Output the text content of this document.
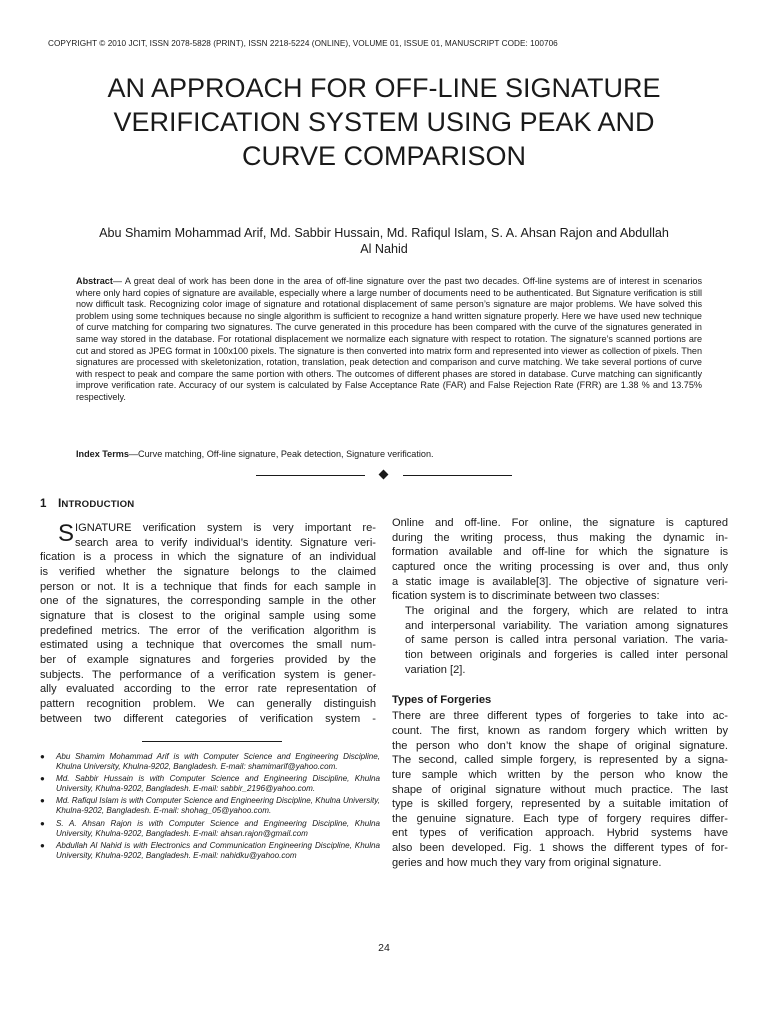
COPYRIGHT © 2010 JCIT, ISSN 2078-5828 (PRINT), ISSN 2218-5224 (ONLINE), VOLUME 01, ISSUE 01, MANUSCRIPT CODE: 100706
AN APPROACH FOR OFF-LINE SIGNATURE
VERIFICATION SYSTEM USING PEAK AND
CURVE COMPARISON
Abu Shamim Mohammad Arif, Md. Sabbir Hussain, Md. Rafiqul Islam, S. A. Ahsan Rajon and Abdullah
Al Nahid

Abstract— A great deal of work has been done in the area of off-line signature over the past two decades. Off-line systems are of interest in scenarios where only hard copies of signature are available, especially where a large number of documents need to be authenticated. But Signature verification is still now difficult task. Recognizing color image of signature and rotational displacement of same person’s signature are major problems. We have solved this problem using some techniques because no single algorithm is sufficient to recognize a hand written signature properly. Here we have used new technique of curve matching for comparing two signatures. The curve generated in this procedure has been compared with the curve of the signatures generated in same way stored in the database. For rotational displacement we normalize each signature with respect to rotation. The signature’s scanned portions are cut and stored as JPEG format in 100x100 pixels. The signature is then converted into matrix form and represented into viewer as collection of pixels. Then signatures are processed with skeletonization, rotation, translation, peak detection and comparison and curve matching. We take several portions of curve with respect to peak and compare the same portion with others. The outcomes of different phases are stored in database. Curve matching can significantly improve verification rate. Accuracy of our system is calculated by False Acceptance Rate (FAR) and False Rejection Rate (FRR) are 1.38 % and 13.75% respectively.

Index Terms—Curve matching, Off-line signature, Peak detection, Signature verification.

1 INTRODUCTION

S IGNATURE verification system is very important re-
search area to verify individual’s identity. Signature veri-
fication is a process in which the signature of an individual
is verified whether the signature belongs to the claimed
person or not. It is a technique that finds for each sample in
one of the signatures, the corresponding sample in the other
signature that is closest to the original sample using some
predefined metrics. The error of the verification algorithm is
estimated using a technique that overcomes the small num-
ber of example signatures and forgeries provided by the
subjects. The performance of a verification system is gener-
ally evaluated according to the error rate representation of
pattern recognition problem. We can generally distinguish
between two different categories of verification system -

Online and off-line. For online, the signature is captured
during the writing process, thus making the dynamic in-
formation available and off-line for which the signature is
captured once the writing processing is over and, thus only
a static image is available[3]. The objective of signature veri-
fication system is to discriminate between two classes:

The original and the forgery, which are related to intra
and interpersonal variability. The variation among signatures
of same person is called intra personal variation. The varia-
tion between originals and forgeries is called inter personal
variation [2].

Types of Forgeries

There are three different types of forgeries to take into ac-
count. The first, known as random forgery which written by
the person who don’t know the shape of original signature.
The second, called simple forgery, is represented by a signa-
ture sample which written by the person who know the
shape of original signature without much practice. The last
type is skilled forgery, represented by a suitable imitation of
the genuine signature. Each type of forgery requires differ-
ent types of verification approach. Hybrid systems have
also been developed. Fig. 1 shows the different types of for-
geries and how much they vary from original signature.

● Abu Shamim Mohammad Arif is with Computer Science and Engineering Discipline, Khulna University, Khulna-9202, Bangladesh. E-mail: shamimarif@yahoo.com.
● Md. Sabbir Hussain is with Computer Science and Engineering Discipline, Khulna University, Khulna-9202, Bangladesh. E-mail: sabbir_2196@yahoo.com.
● Md. Rafiqul Islam is with Computer Science and Engineering Discipline, Khulna University, Khulna-9202, Bangladesh. E-mail: shohag_05@yahoo.com.
● S. A. Ahsan Rajon is with Computer Science and Engineering Discipline, Khulna University, Khulna-9202, Bangladesh. E-mail: ahsan.rajon@gmail.com
● Abdullah Al Nahid is with Electronics and Communication Engineering Discipline, Khulna University, Khulna-9202, Bangladesh. E-mail: nahidku@yahoo.com
24
